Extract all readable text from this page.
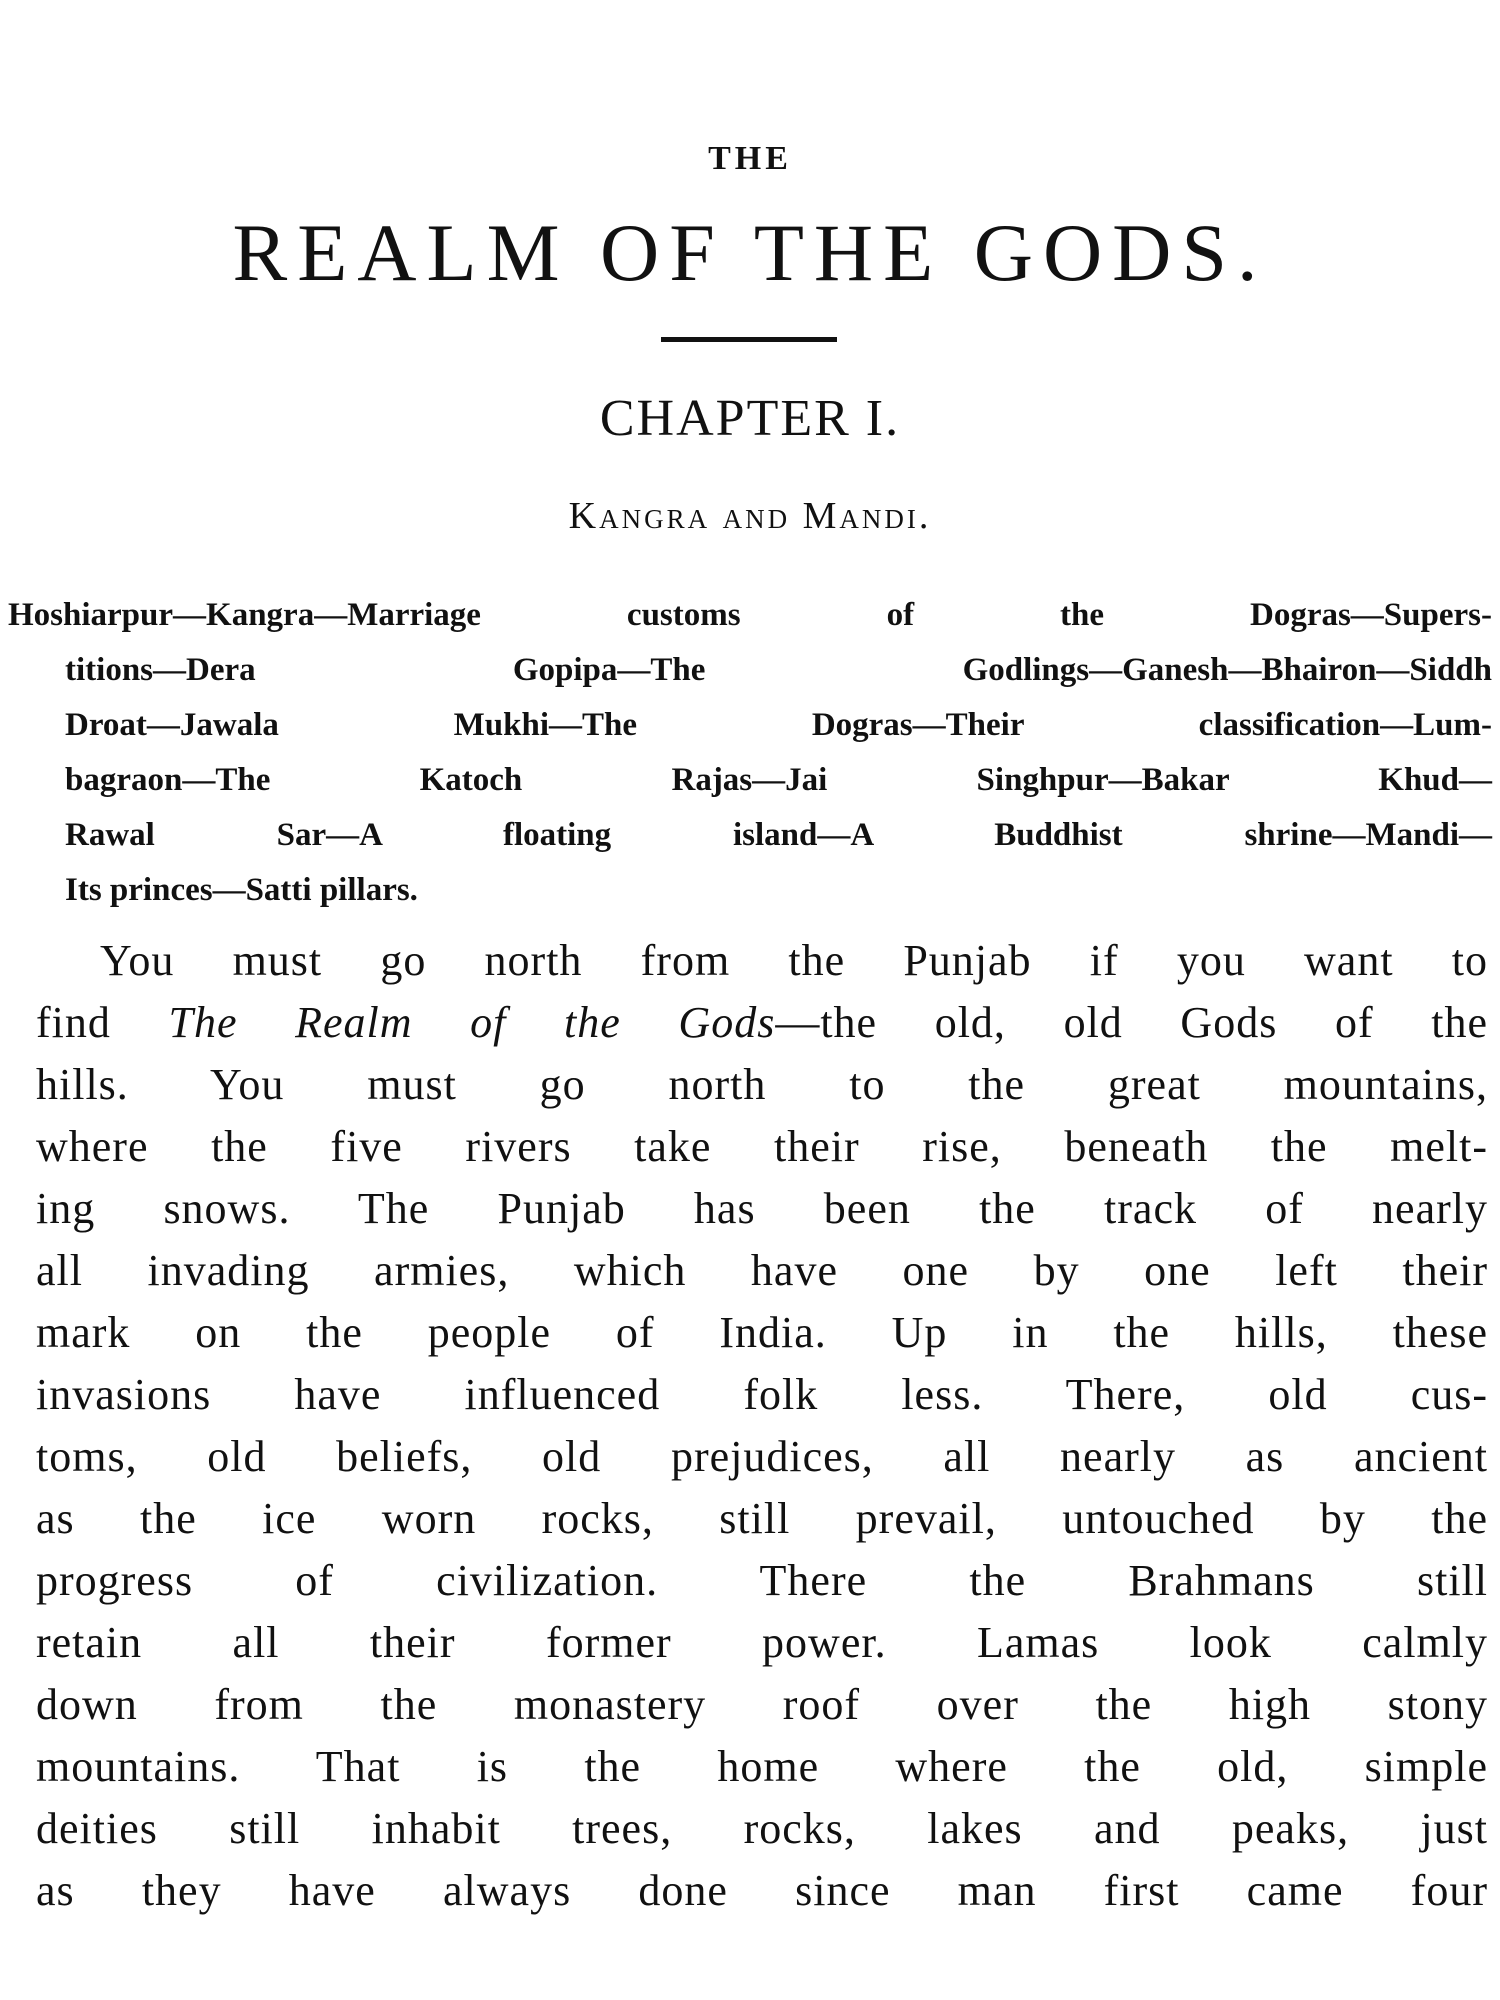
THE
REALM OF THE GODS.
CHAPTER I.
Kangra and Mandi.
Hoshiarpur—Kangra—Marriage customs of the Dogras—Supers-
titions—Dera Gopipa—The Godlings—Ganesh—Bhairon—Siddh
Droat—Jawala Mukhi—The Dogras—Their classification—Lum-
bagraon—The Katoch Rajas—Jai Singhpur—Bakar Khud—
Rawal Sar—A floating island—A Buddhist shrine—Mandi—
Its princes—Satti pillars.
You must go north from the Punjab if you want to
find The Realm of the Gods—the old, old Gods of the
hills. You must go north to the great mountains,
where the five rivers take their rise, beneath the melt-
ing snows. The Punjab has been the track of nearly
all invading armies, which have one by one left their
mark on the people of India. Up in the hills, these
invasions have influenced folk less. There, old cus-
toms, old beliefs, old prejudices, all nearly as ancient
as the ice worn rocks, still prevail, untouched by the
progress of civilization. There the Brahmans still
retain all their former power. Lamas look calmly
down from the monastery roof over the high stony
mountains. That is the home where the old, simple
deities still inhabit trees, rocks, lakes and peaks, just
as they have always done since man first came four
